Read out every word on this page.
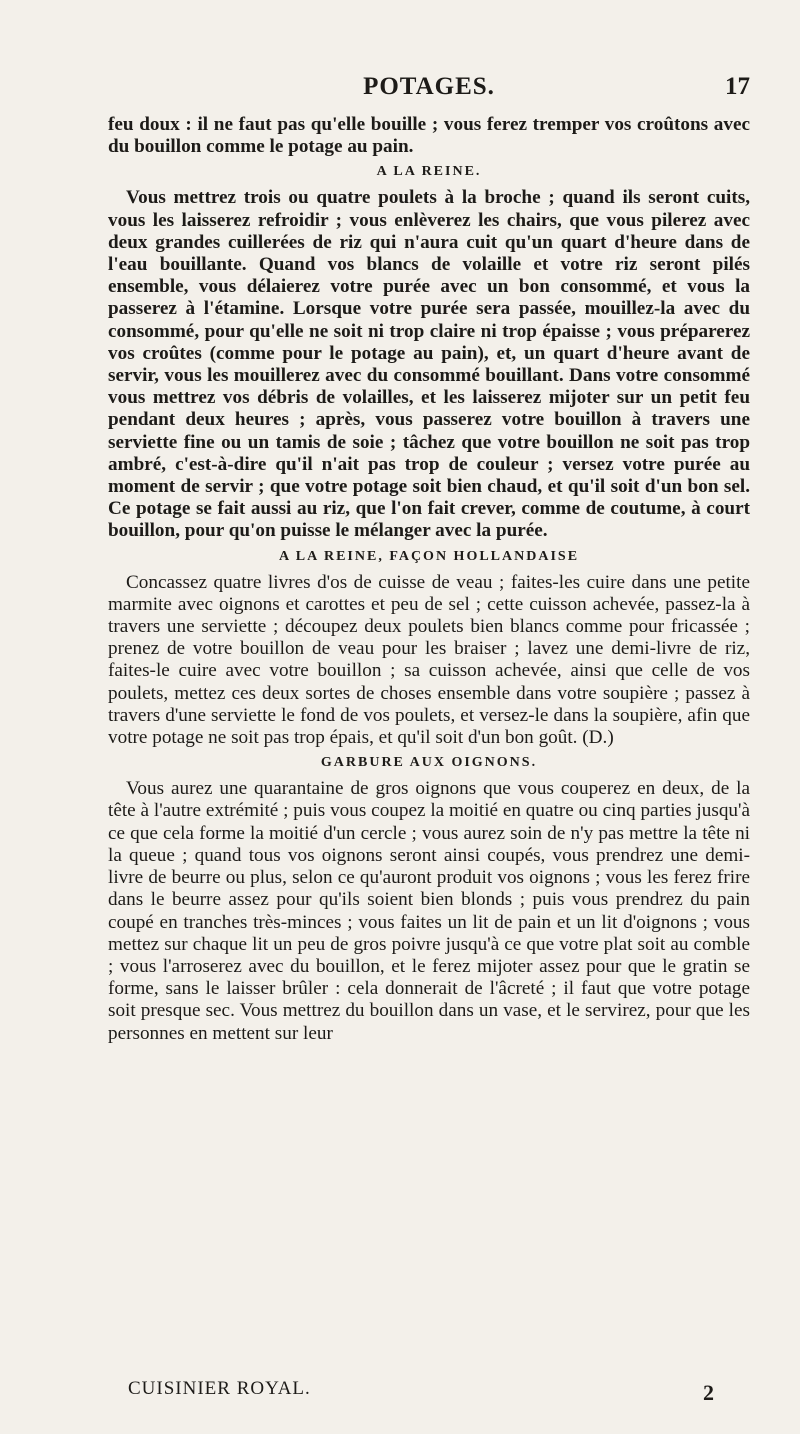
POTAGES.	17

feu doux : il ne faut pas qu'elle bouille ; vous ferez tremper vos croûtons avec du bouillon comme le potage au pain.

A LA REINE.

Vous mettrez trois ou quatre poulets à la broche ; quand ils seront cuits, vous les laisserez refroidir ; vous enlèverez les chairs, que vous pilerez avec deux grandes cuillerées de riz qui n'aura cuit qu'un quart d'heure dans de l'eau bouillante. Quand vos blancs de volaille et votre riz seront pilés ensemble, vous délaierez votre purée avec un bon consommé, et vous la passerez à l'étamine. Lorsque votre purée sera passée, mouillez-la avec du consommé, pour qu'elle ne soit ni trop claire ni trop épaisse ; vous préparerez vos croûtes (comme pour le potage au pain), et, un quart d'heure avant de servir, vous les mouillerez avec du consommé bouillant. Dans votre consommé vous mettrez vos débris de volailles, et les laisserez mijoter sur un petit feu pendant deux heures ; après, vous passerez votre bouillon à travers une serviette fine ou un tamis de soie ; tâchez que votre bouillon ne soit pas trop ambré, c'est-à-dire qu'il n'ait pas trop de couleur ; versez votre purée au moment de servir ; que votre potage soit bien chaud, et qu'il soit d'un bon sel. Ce potage se fait aussi au riz, que l'on fait crever, comme de coutume, à court bouillon, pour qu'on puisse le mélanger avec la purée.

A LA REINE, FAÇON HOLLANDAISE

Concassez quatre livres d'os de cuisse de veau ; faites-les cuire dans une petite marmite avec oignons et carottes et peu de sel ; cette cuisson achevée, passez-la à travers une serviette ; découpez deux poulets bien blancs comme pour fricassée ; prenez de votre bouillon de veau pour les braiser ; lavez une demi-livre de riz, faites-le cuire avec votre bouillon ; sa cuisson achevée, ainsi que celle de vos poulets, mettez ces deux sortes de choses ensemble dans votre soupière ; passez à travers d'une serviette le fond de vos poulets, et versez-le dans la soupière, afin que votre potage ne soit pas trop épais, et qu'il soit d'un bon goût. (D.)

GARBURE AUX OIGNONS.

Vous aurez une quarantaine de gros oignons que vous couperez en deux, de la tête à l'autre extrémité ; puis vous coupez la moitié en quatre ou cinq parties jusqu'à ce que cela forme la moitié d'un cercle ; vous aurez soin de n'y pas mettre la tête ni la queue ; quand tous vos oignons seront ainsi coupés, vous prendrez une demi-livre de beurre ou plus, selon ce qu'auront produit vos oignons ; vous les ferez frire dans le beurre assez pour qu'ils soient bien blonds ; puis vous prendrez du pain coupé en tranches très-minces ; vous faites un lit de pain et un lit d'oignons ; vous mettez sur chaque lit un peu de gros poivre jusqu'à ce que votre plat soit au comble ; vous l'arroserez avec du bouillon, et le ferez mijoter assez pour que le gratin se forme, sans le laisser brûler : cela donnerait de l'âcreté ; il faut que votre potage soit presque sec. Vous mettrez du bouillon dans un vase, et le servirez, pour que les personnes en mettent sur leur

CUISINIER ROYAL.	2
